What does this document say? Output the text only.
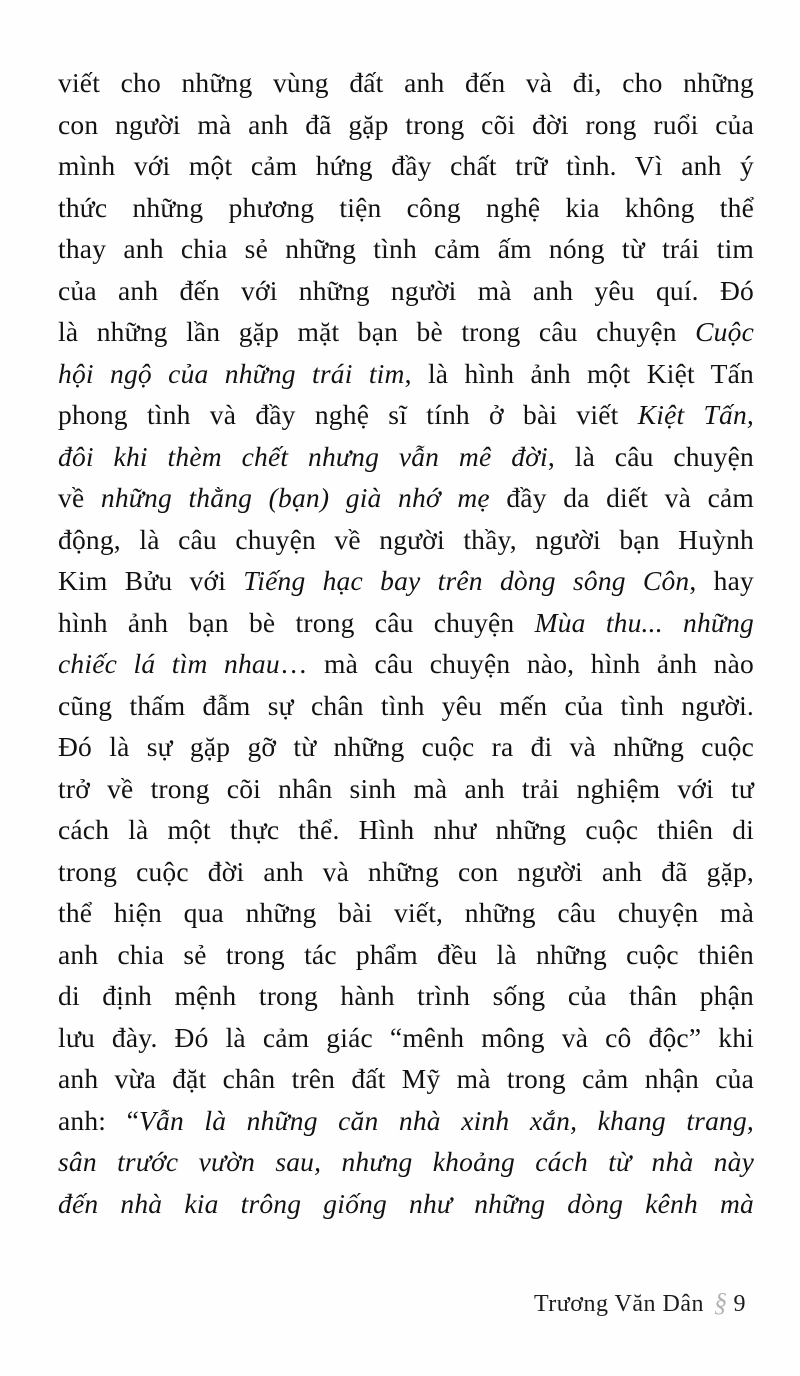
viết cho những vùng đất anh đến và đi, cho những

con người mà anh đã gặp trong cõi đời rong ruổi của

mình với một cảm hứng đầy chất trữ tình. Vì anh ý

thức những phương tiện công nghệ kia không thể

thay anh chia sẻ những tình cảm ấm nóng từ trái tim

của anh đến với những người mà anh yêu quí. Đó

là những lần gặp mặt bạn bè trong câu chuyện Cuộc

hội ngộ của những trái tim, là hình ảnh một Kiệt Tấn

phong tình và đầy nghệ sĩ tính ở bài viết Kiệt Tấn,

đôi khi thèm chết nhưng vẫn mê đời, là câu chuyện

về những thằng (bạn) già nhớ mẹ đầy da diết và cảm

động, là câu chuyện về người thầy, người bạn Huỳnh

Kim Bửu với Tiếng hạc bay trên dòng sông Côn, hay

hình ảnh bạn bè trong câu chuyện Mùa thu... những

chiếc lá tìm nhau… mà câu chuyện nào, hình ảnh nào

cũng thấm đẫm sự chân tình yêu mến của tình người.

Đó là sự gặp gỡ từ những cuộc ra đi và những cuộc

trở về trong cõi nhân sinh mà anh trải nghiệm với tư

cách là một thực thể. Hình như những cuộc thiên di

trong cuộc đời anh và những con người anh đã gặp,

thể hiện qua những bài viết, những câu chuyện mà

anh chia sẻ trong tác phẩm đều là những cuộc thiên

di định mệnh trong hành trình sống của thân phận

lưu đày. Đó là cảm giác “mênh mông và cô độc” khi

anh vừa đặt chân trên đất Mỹ mà trong cảm nhận của

anh: “Vẫn là những căn nhà xinh xắn, khang trang,

sân trước vườn sau, nhưng khoảng cách từ nhà này

đến nhà kia trông giống như những dòng kênh mà

Trương Văn Dân § 9
